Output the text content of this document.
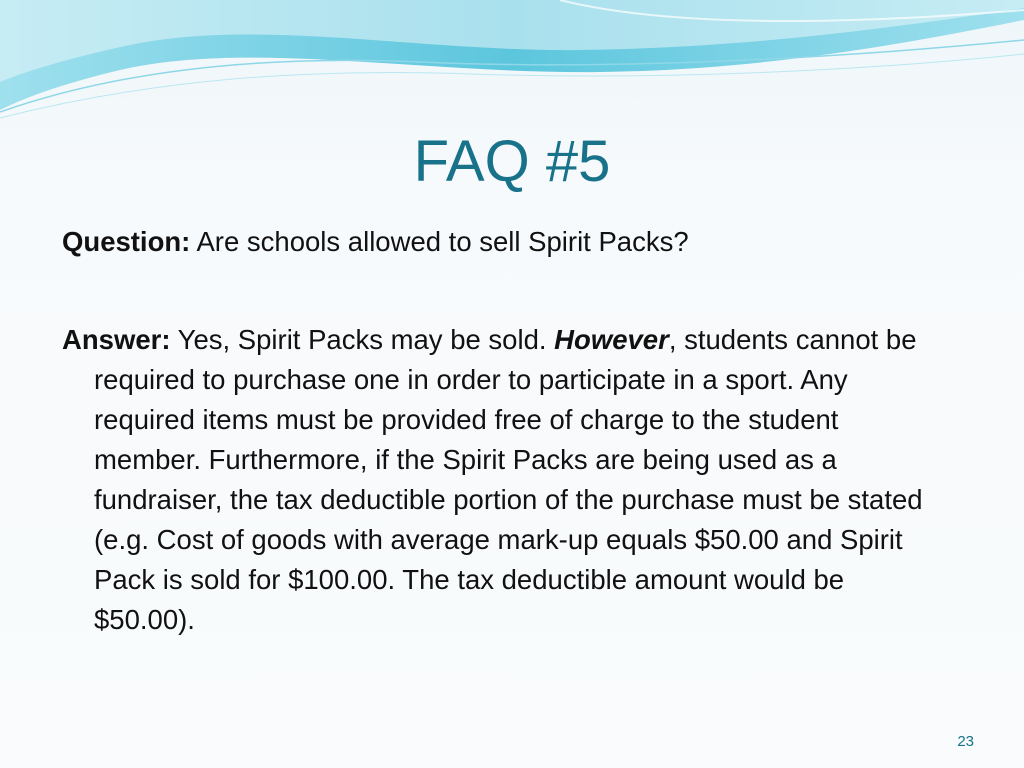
FAQ #5

Question: Are schools allowed to sell Spirit Packs?

Answer: Yes, Spirit Packs may be sold. However, students cannot be required to purchase one in order to participate in a sport. Any required items must be provided free of charge to the student member. Furthermore, if the Spirit Packs are being used as a fundraiser, the tax deductible portion of the purchase must be stated (e.g. Cost of goods with average mark-up equals $50.00 and Spirit Pack is sold for $100.00. The tax deductible amount would be $50.00).

23
